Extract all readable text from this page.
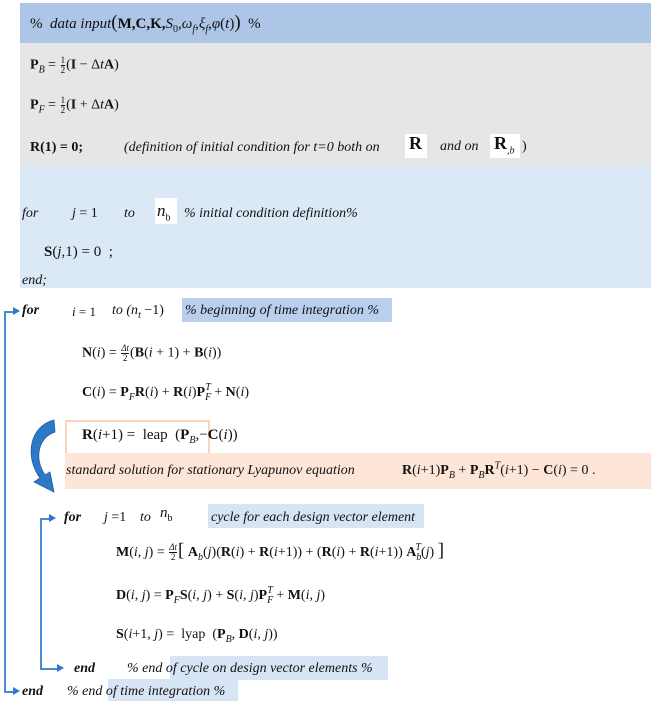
% data $input(M,C,K,S_0,\omega_f,\xi_f,\varphi(t))$ %
$P_B = \frac{1}{2} (I - \Delta tA)$
$P_F = \frac{1}{2} (I + \Delta tA)$
R(1) = 0;	(definition of initial condition for t=0 both on R and on $R_{,b}$ )
for j = 1 to $n_b$ % initial condition definition%
S(j,1) = 0  ;
end;
for	i = 1 to $(n_t -1)$ % beginning of time integration %
$N(i) = \frac{\Delta t}{2} (B(i + 1) + B(i))$
$C(i) = P_FR(i) + R(i)P_F^T + N(i)$
R(i+1) =  leap  $(P_B,-C(i))$
standard solution for stationary Lyapunov equation	$R(i+1)P_B + P_BR^T(i+1) - C(i) = 0$ .
for j =1 to $n_b$	cycle for each design vector element
M(i, $j) = \frac{\Delta t}{2}$ [ $A_b(j)(R(i) + R(i+1)) + (R(i) + R(i+1))$ $A_b^T(j)$ ]
D(i, $j) = P_FS(i$, j) + S(i, $j)P_F^T + M(i$, j)
S(i+1, j) =  lyap  ($P_B$, D(i, j))
end % end of cycle on design vector elements %
end % end of time integration %
